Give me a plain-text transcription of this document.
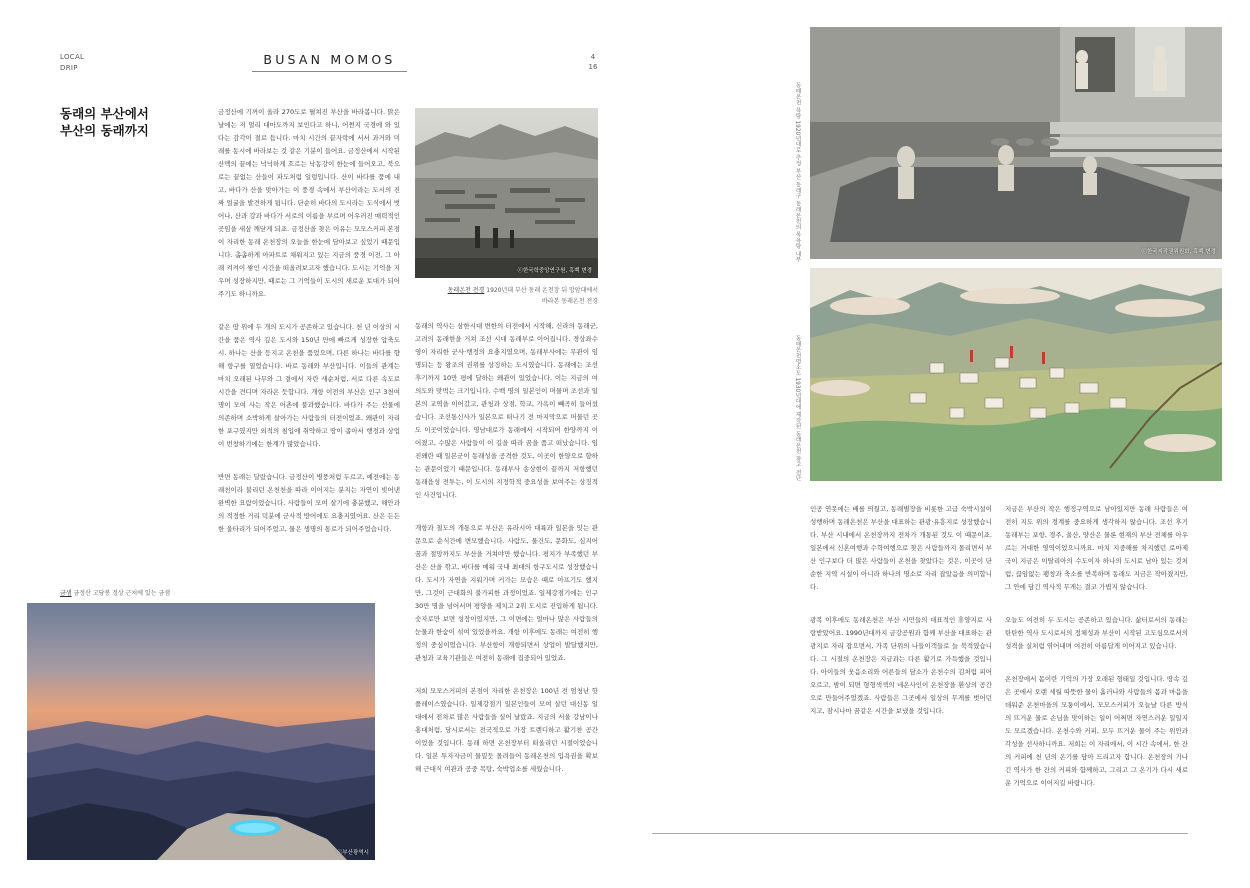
LOCAL
DRIP
BUSAN MOMOS	4
16
동래의 부산에서
부산의 동래까지

금정산에 기꺼이 올라 270도로 펼쳐진 부산을 바라봅니다. 맑은 날에는 저 멀리 대마도까지 보인다고 하니, 어쩐지 국경에 와 있다는 감각이 절로 듭니다. 마치 시간의 끝자락에 서서 과거와 미래를 동시에 바라보는 것 같은 기분이 들어요. 금정산에서 시작된 산맥의 끝에는 넉넉하게 흐르는 낙동강이 한눈에 들어오고, 북으로는 끝없는 산들이 파도처럼 일렁입니다. 산이 바다를 품에 내고, 바다가 산을 맞아가는 이 풍경 속에서 부산이라는 도시의 진짜 얼굴을 발견하게 됩니다. 단순히 바다의 도시라는 도식에서 벗어나, 산과 강과 바다가 서로의 이름을 부르며 어우러진 매력적인 곳임을 새삼 깨닫게 되죠. 금정산을 찾은 이유는 모모스커피 본점이 자리한 동래 온천장의 오늘을 한눈에 담아보고 싶었기 때문입니다. 촘촘하게 아파트로 채워지고 있는 지금의 풍경 이전, 그 아래 켜켜이 쌓인 시간을 떠올려보고자 했습니다. 도시는 기억을 지우며 성장하지만, 때로는 그 기억들이 도시의 새로운 토대가 되어주기도 하니까요.

같은 땅 위에 두 개의 도시가 공존하고 있습니다. 천 년 이상의 시간을 품은 역사 깊은 도시와 150년 만에 빠르게 성장한 압축도시. 하나는 산을 등지고 온천을 품었으며, 다른 하나는 바다를 향해 항구를 열었습니다. 바로 동래와 부산입니다. 이들의 관계는 마치 오래된 나무와 그 곁에서 자란 새순처럼, 서로 다른 속도로 시간을 견디며 자라온 듯합니다. 개항 이전의 부산은 인구 3천여 명이 모여 사는 작은 어촌에 불과했습니다. 바다가 주는 선물에 의존하며 소박하게 살아가는 사람들의 터전이었죠. 왜관이 자리한 포구였지만 외적의 침입에 취약하고 땅이 좁아서 행정과 상업이 번창하기에는 한계가 많았습니다.

반면 동래는 달랐습니다. 금정산이 병풍처럼 두르고, 예전에는 동래천이라 불리던 온천천을 따라 이어지는 분지는 자연이 빚어낸 완벽한 요람이었습니다. 사람들이 모여 살기에 충분했고, 해안과의 적정한 거리 덕분에 군사적 방어에도 요충지였어요. 산은 든든한 울타리가 되어주었고, 물은 생명의 통로가 되어주었습니다.

ⓒ한국학중앙연구원, 흑백 변경
동래온천 전경 1920년대 부산 동래 온천장 뒤 망암대에서
바라본 동래온천 전경

동래의 역사는 삼한시대 변한의 터전에서 시작해, 신라의 동래군, 고려의 동래현을 거쳐 조선 시대 동래부로 이어집니다. 경상좌수영이 자리한 군사·행정의 요충지였으며, 동래부사에는 무관이 임명되는 등 왕조의 권위를 상징하는 도시였습니다. 동래에는 조선 후기까지 10만 평에 달하는 왜관이 있었습니다. 이는 지금의 여의도와 맞먹는 크기입니다. 수백 명의 일본인이 머물며 조선과 일본의 교역을 이어갔고, 관청과 상점, 학교, 가옥이 빼곡히 들어섰습니다. 조선통신사가 일본으로 떠나기 전 마지막으로 머물던 곳도 이곳이었습니다. 영남대로가 동래에서 시작되어 한양까지 이어졌고, 수많은 사람들이 이 길을 따라 꿈을 품고 떠났습니다. 임진왜란 때 일본군이 동래성을 공격한 것도, 이곳이 한양으로 향하는 관문이었기 때문입니다. 동래부사 송상현이 끝까지 저항했던 동래읍성 전투는, 이 도시의 지정학적 중요성을 보여주는 상징적인 사건입니다.

개항과 철도의 개통으로 부산은 유라시아 대륙과 일본을 잇는 관문으로 순식간에 변모했습니다. 사람도, 물건도, 문화도, 심지어 꿈과 절망까지도 부산을 거쳐야만 했습니다. 평지가 부족했던 부산은 산을 깎고, 바다를 메워 국내 최대의 항구도시로 성장했습니다. 도시가 자연을 지워가며 커가는 모습은 때로 아프기도 했지만, 그것이 근대화의 불가피한 과정이었죠. 일제강점기에는 인구 30만 명을 넘어서며 평양을 제치고 2위 도시로 진입하게 됩니다. 숫자로만 보면 성장이었지만, 그 이면에는 얼마나 많은 사람들의 눈물과 한숨이 섞여 있었을까요. 개항 이후에도 동래는 여전히 행정의 중심이었습니다. 부산항이 개항되면서 상업이 발달했지만, 관청과 교육기관들은 여전히 동래에 집중되어 있었죠.

저희 모모스커피의 본점이 자리한 온천장은 100년 전 엄청난 핫플레이스였습니다. 일제강점기 일본인들이 모여 살던 대신동 일대에서 전차로 많은 사람들을 실어 날랐죠. 지금의 서울 강남이나 홍대처럼, 당시로서는 전국적으로 가장 트렌디하고 활기찬 공간이었을 것입니다. 동래 하면 온천장부터 떠올리던 시절이었습니다. 일본 투자자금이 물밀듯 몰려들어 동래온천의 입욕권을 확보해 근대식 여관과 공중 목탕, 숙박업소를 세웠습니다.

금샘 금정산 고당봉 정상 근처에 있는 금샘
ⓒ부산광역시
동래온천 욕탕 1920년대로 추정 부산 동래구 동래온천의 목욕탕 내부	ⓒ한국지작권위원회, 흑백 변경
동래온천명소도 1930년대에 제작된 동래온천 광고 전단

인공 연못에는 배를 띄웠고, 동래별장을 비롯한 고급 숙박시설이 성행하며 동래온천은 부산을 대표하는 관광·유흥지로 성장했습니다. 부산 시내에서 온천장까지 전차가 개통된 것도 이 때문이죠. 일본에서 신혼여행과 수학여행으로 찾은 사람들까지 몰리면서 부산 인구보다 더 많은 사람들이 온천을 찾았다는 것은, 이곳이 단순한 지역 시설이 아니라 하나의 명소로 자리 잡았음을 의미합니다.

광복 이후에도 동래온천은 부산 시민들의 대표적인 휴양지로 사랑받았어요. 1990년대까지 금강공원과 함께 부산을 대표하는 관광지로 자리 잡으면서, 가족 단위의 나들이객들로 늘 북적였습니다. 그 시절의 온천장은 지금과는 다른 활기로 가득했을 것입니다. 아이들의 웃음소리와 어른들의 담소가 온천수의 김처럼 피어오르고, 밤이 되면 형형색색의 네온사인이 온천장을 환상의 공간으로 만들어주었겠죠. 사람들은 그곳에서 일상의 무게를 벗어던지고, 잠시나마 꿈같은 시간을 보냈을 것입니다.

지금은 부산의 작은 행정구역으로 남아있지만 동래 사람들은 여전히 지도 위의 경계를 중요하게 생각하지 않습니다. 조선 후기 동래부는 포항, 경주, 울산, 양산은 물론 현재의 부산 전체를 아우르는 거대한 영역이었으니까요. 마치 지중해를 차지했던 로마제국이 지금은 이탈리아의 수도이자 하나의 도시로 남아 있는 것처럼, 끊임없는 팽창과 축소를 반복하며 동래도 지금은 작아졌지만, 그 안에 담긴 역사적 무게는 결코 가볍지 않습니다.

오늘도 여전히 두 도시는 공존하고 있습니다. 삶터로서의 동래는 탄탄한 역사 도시로서의 정체성과 부산이 시작된 고도심으로서의 성격을 실처럼 엮어내며 여전히 아름답게 이어지고 있습니다.

온천장에서 몸이란 기억의 가장 오래된 형태일 것입니다. 땅속 깊은 곳에서 오랜 세월 따뜻한 물이 흘러나와 사람들의 몸과 마음을 데워준 온천마을의 모퉁이에서, 모모스커피가 오늘날 다른 방식의 뜨거운 물로 손님을 맞이하는 일이 어쩌면 자연스러운 일일지도 모르겠습니다. 온천수와 커피, 모두 뜨거운 물이 주는 위안과 각성을 선사하니까요. 저희는 이 자리에서, 이 시간 속에서, 한 잔의 커피에 천 년의 온기를 담아 드리고자 합니다. 온천장의 기나긴 역사가 한 잔의 커피와 함께하고, 그리고 그 온기가 다시 새로운 기억으로 이어지길 바랍니다.
